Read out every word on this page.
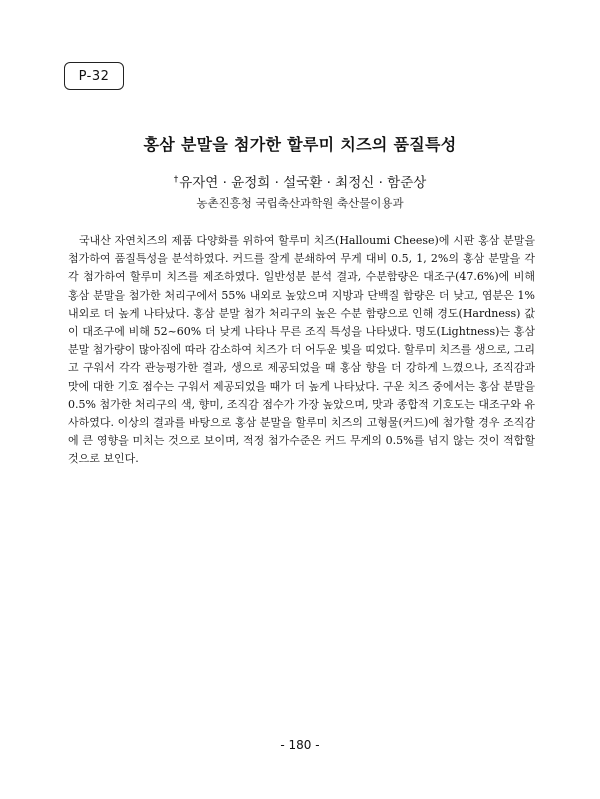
P-32
홍삼 분말을 첨가한 할루미 치즈의 품질특성
†유자연 · 윤정희 · 설국환 · 최정신 · 함준상
농촌진흥청 국립축산과학원 축산물이용과

국내산 자연치즈의 제품 다양화를 위하여 할루미 치즈(Halloumi Cheese)에 시판 홍삼 분말을 첨가하여 품질특성을 분석하였다. 커드를 잘게 분쇄하여 무게 대비 0.5, 1, 2%의 홍삼 분말을 각각 첨가하여 할루미 치즈를 제조하였다. 일반성분 분석 결과, 수분함량은 대조구(47.6%)에 비해 홍삼 분말을 첨가한 처리구에서 55% 내외로 높았으며 지방과 단백질 함량은 더 낮고, 염분은 1% 내외로 더 높게 나타났다. 홍삼 분말 첨가 처리구의 높은 수분 함량으로 인해 경도(Hardness) 값이 대조구에 비해 52~60% 더 낮게 나타나 무른 조직 특성을 나타냈다. 명도(Lightness)는 홍삼 분말 첨가량이 많아짐에 따라 감소하여 치즈가 더 어두운 빛을 띠었다. 할루미 치즈를 생으로, 그리고 구워서 각각 관능평가한 결과, 생으로 제공되었을 때 홍삼 향을 더 강하게 느꼈으나, 조직감과 맛에 대한 기호 점수는 구워서 제공되었을 때가 더 높게 나타났다. 구운 치즈 중에서는 홍삼 분말을 0.5% 첨가한 처리구의 색, 향미, 조직감 점수가 가장 높았으며, 맛과 종합적 기호도는 대조구와 유사하였다. 이상의 결과를 바탕으로 홍삼 분말을 할루미 치즈의 고형물(커드)에 첨가할 경우 조직감에 큰 영향을 미치는 것으로 보이며, 적정 첨가수준은 커드 무게의 0.5%를 넘지 않는 것이 적합할 것으로 보인다.

- 180 -
